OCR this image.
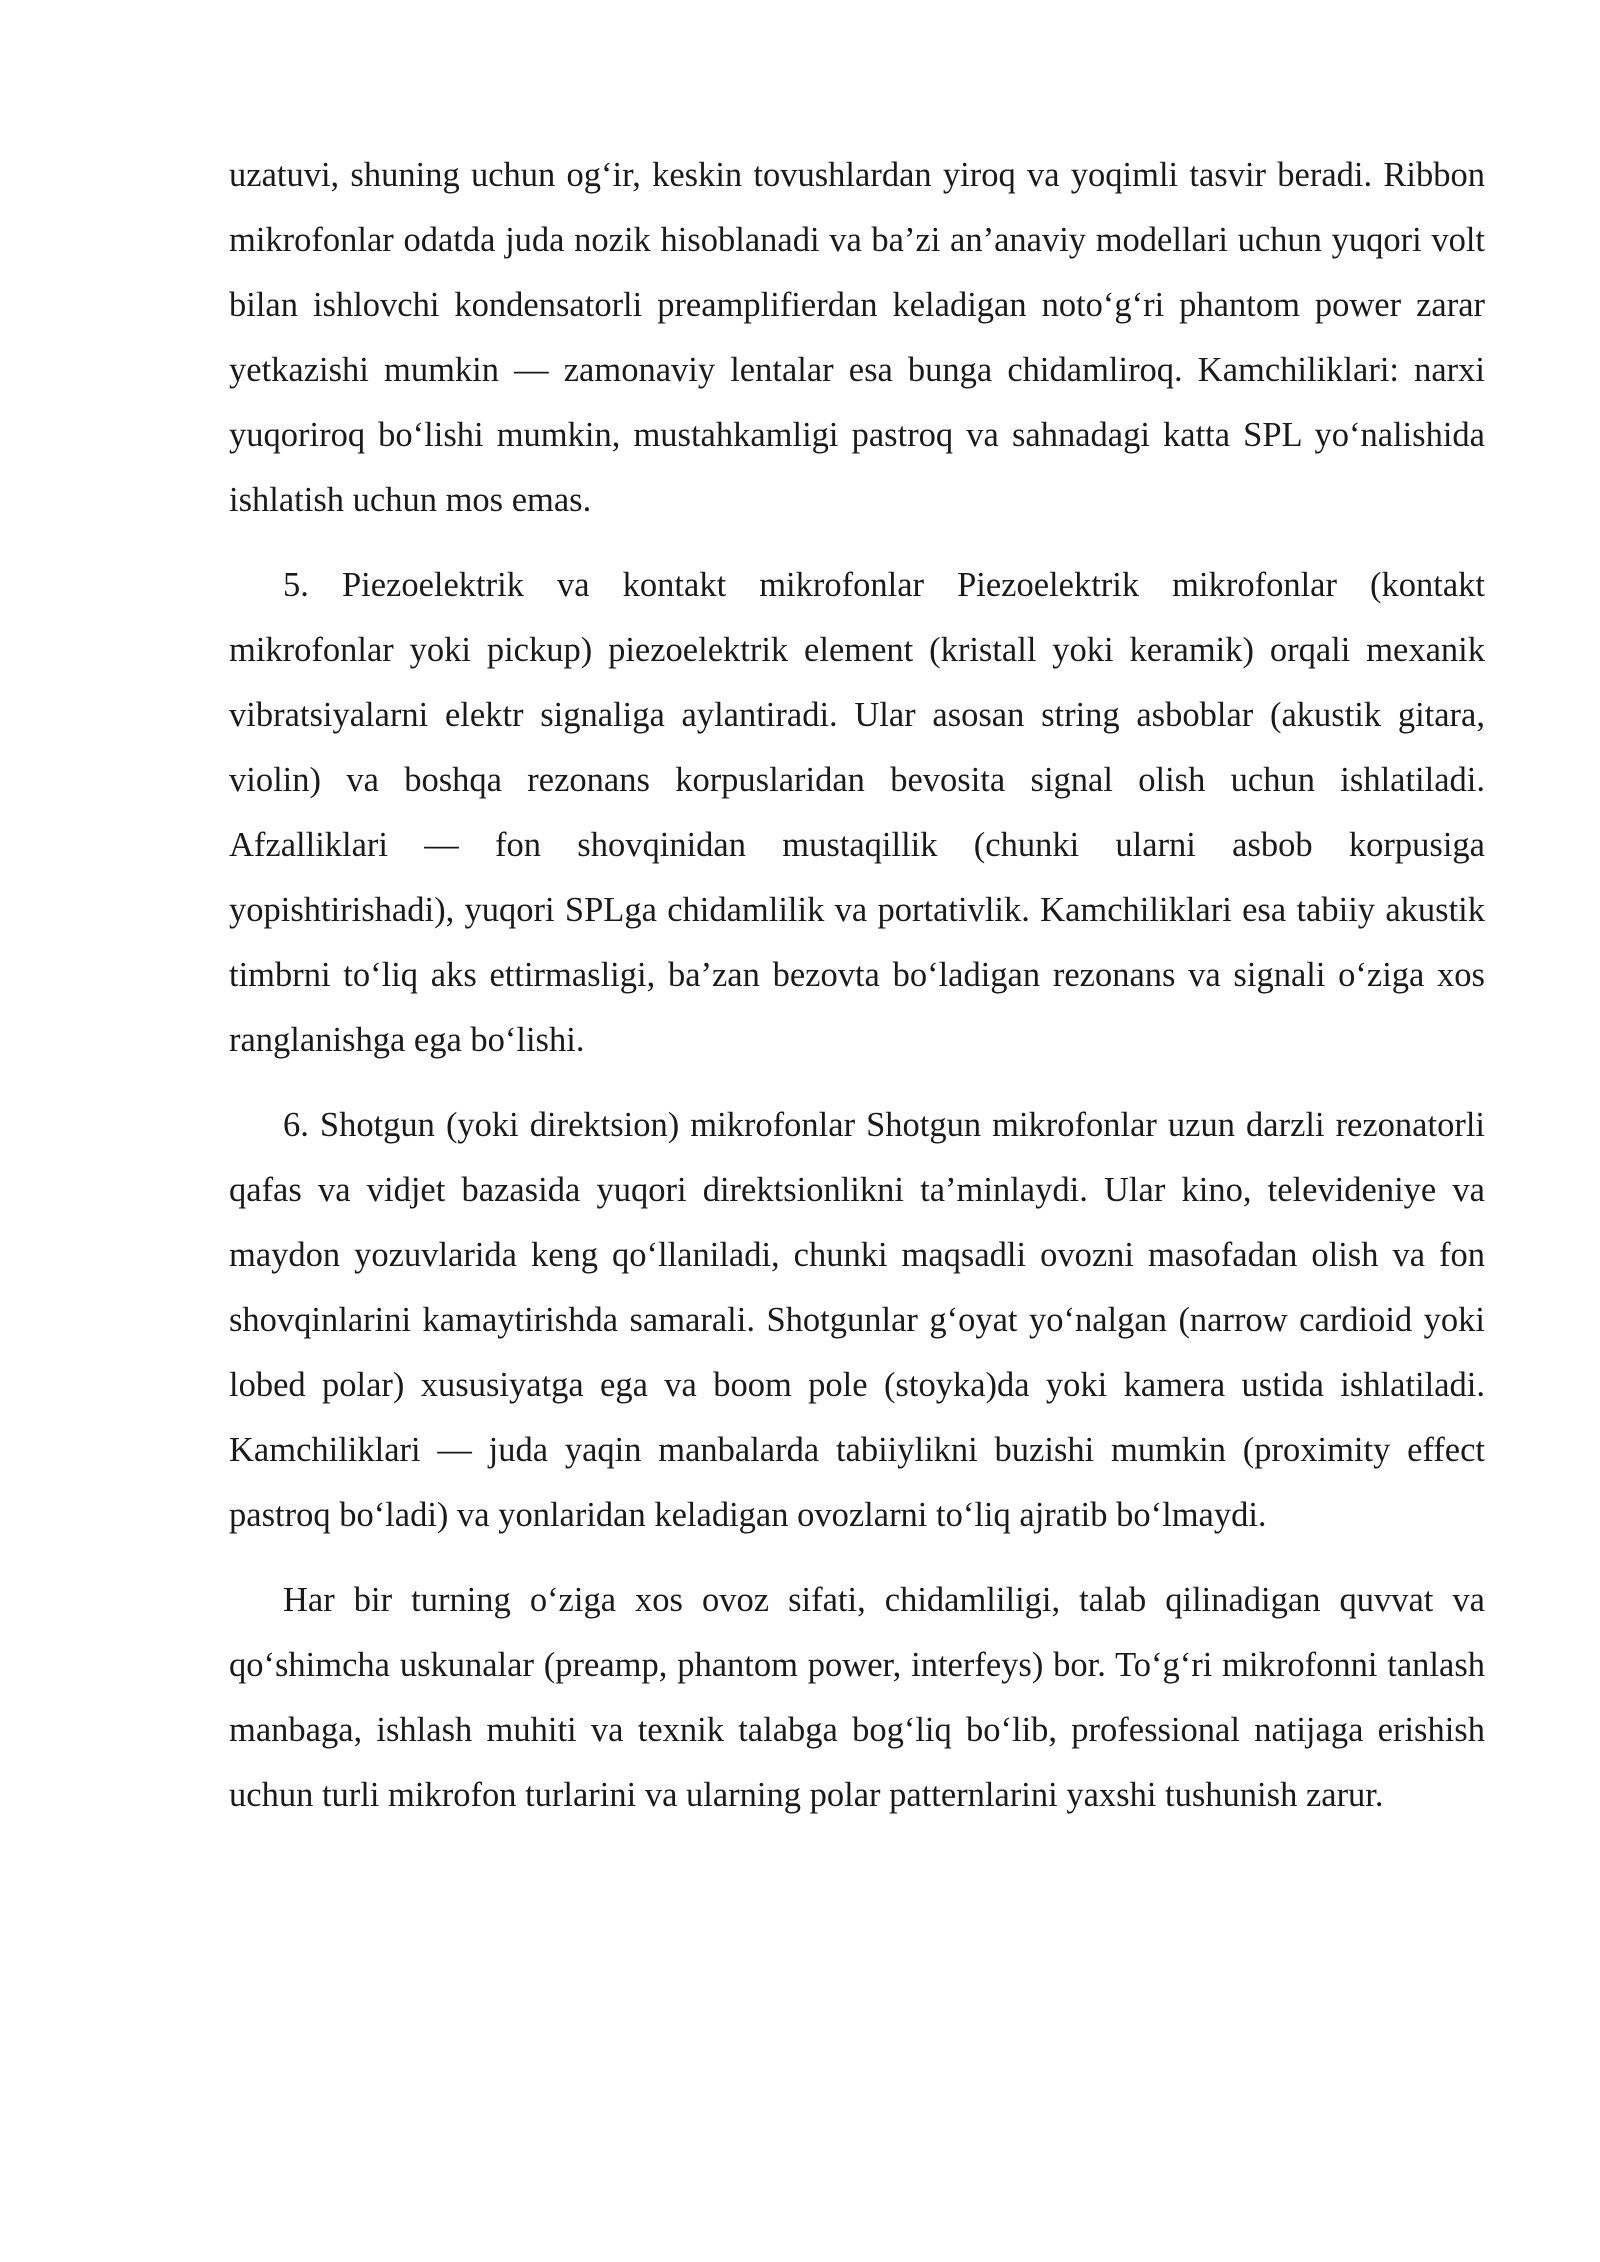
uzatuvi, shuning uchun og‘ir, keskin tovushlardan yiroq va yoqimli tasvir beradi. Ribbon mikrofonlar odatda juda nozik hisoblanadi va ba’zi an’anaviy modellari uchun yuqori volt bilan ishlovchi kondensatorli preamplifierdan keladigan noto‘g‘ri phantom power zarar yetkazishi mumkin — zamonaviy lentalar esa bunga chidamliroq. Kamchiliklari: narxi yuqoriroq bo‘lishi mumkin, mustahkamligi pastroq va sahnadagi katta SPL yo‘nalishida ishlatish uchun mos emas.

5. Piezoelektrik va kontakt mikrofonlar Piezoelektrik mikrofonlar (kontakt mikrofonlar yoki pickup) piezoelektrik element (kristall yoki keramik) orqali mexanik vibratsiyalarni elektr signaliga aylantiradi. Ular asosan string asboblar (akustik gitara, violin) va boshqa rezonans korpuslaridan bevosita signal olish uchun ishlatiladi. Afzalliklari — fon shovqinidan mustaqillik (chunki ularni asbob korpusiga yopishtirishadi), yuqori SPLga chidamlilik va portativlik. Kamchiliklari esa tabiiy akustik timbrni to‘liq aks ettirmasligi, ba’zan bezovta bo‘ladigan rezonans va signali o‘ziga xos ranglanishga ega bo‘lishi.

6. Shotgun (yoki direktsion) mikrofonlar Shotgun mikrofonlar uzun darzli rezonatorli qafas va vidjet bazasida yuqori direktsionlikni ta’minlaydi. Ular kino, televideniye va maydon yozuvlarida keng qo‘llaniladi, chunki maqsadli ovozni masofadan olish va fon shovqinlarini kamaytirishda samarali. Shotgunlar g‘oyat yo‘nalgan (narrow cardioid yoki lobed polar) xususiyatga ega va boom pole (stoyka)da yoki kamera ustida ishlatiladi. Kamchiliklari — juda yaqin manbalarda tabiiylikni buzishi mumkin (proximity effect pastroq bo‘ladi) va yonlaridan keladigan ovozlarni to‘liq ajratib bo‘lmaydi.

Har bir turning o‘ziga xos ovoz sifati, chidamliligi, talab qilinadigan quvvat va qo‘shimcha uskunalar (preamp, phantom power, interfeys) bor. To‘g‘ri mikrofonni tanlash manbaga, ishlash muhiti va texnik talabga bog‘liq bo‘lib, professional natijaga erishish uchun turli mikrofon turlarini va ularning polar patternlarini yaxshi tushunish zarur.
